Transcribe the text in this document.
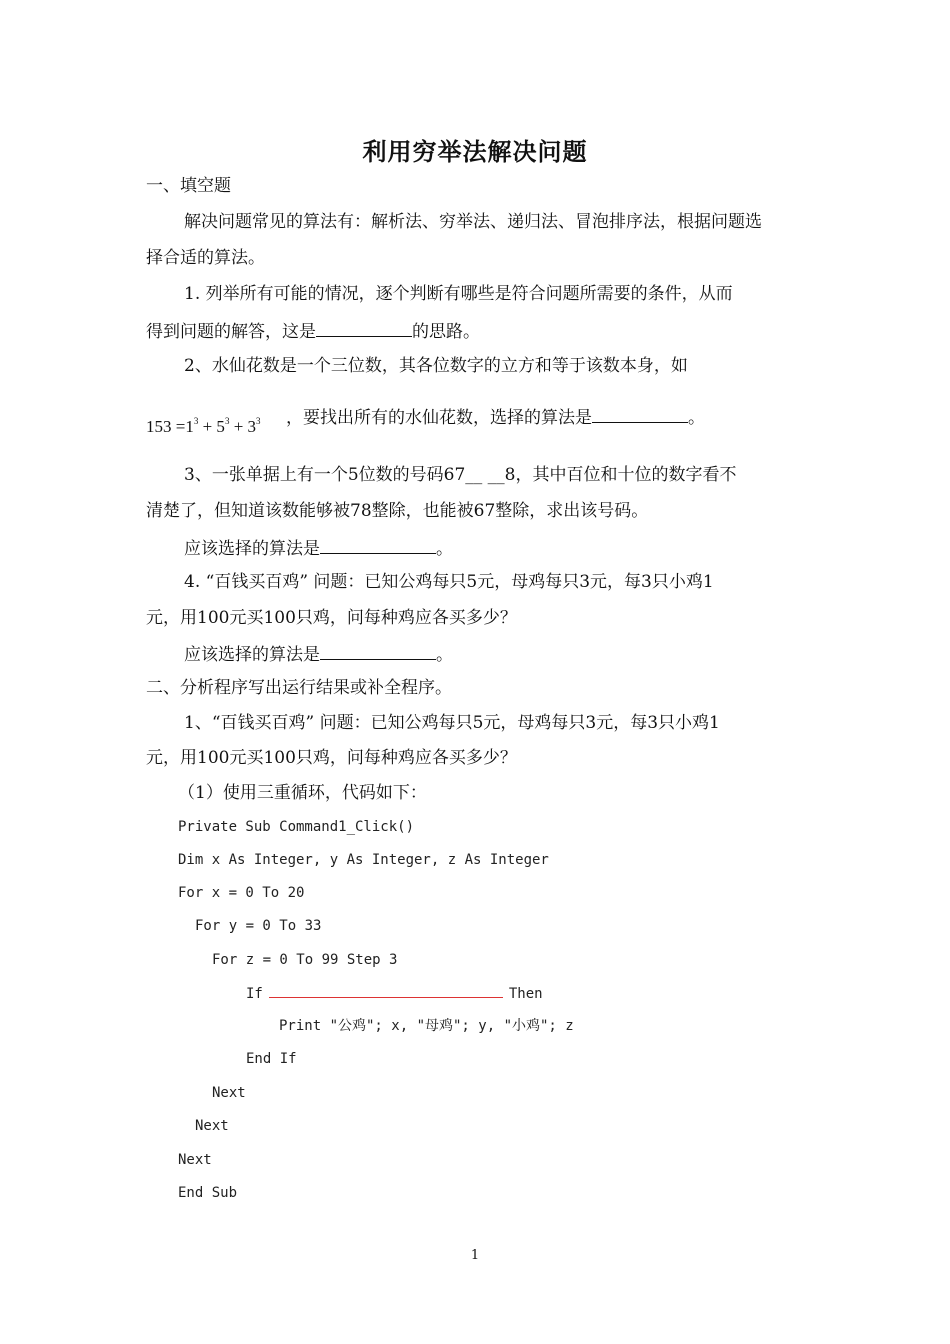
利用穷举法解决问题
一、填空题
解决问题常见的算法有：解析法、穷举法、递归法、冒泡排序法，根据问题选
择合适的算法。
1. 列举所有可能的情况，逐个判断有哪些是符合问题所需要的条件，从而
得到问题的解答，这是	的思路。
2、水仙花数是一个三位数，其各位数字的立方和等于该数本身，如
$153 =1^3 + 5^3 + 3^3$ ，要找出所有的水仙花数，选择的算法是	。
3、一张单据上有一个5位数的号码67__ __8，其中百位和十位的数字看不
清楚了，但知道该数能够被78整除，也能被67整除，求出该号码。
应该选择的算法是	。
4. “百钱买百鸡” 问题：已知公鸡每只5元，母鸡每只3元，每3只小鸡1
元，用100元买100只鸡，问每种鸡应各买多少？
应该选择的算法是	。
二、分析程序写出运行结果或补全程序。
1、“百钱买百鸡” 问题：已知公鸡每只5元，母鸡每只3元，每3只小鸡1
元，用100元买100只鸡，问每种鸡应各买多少？
（1）使用三重循环，代码如下：
Private Sub Command1_Click()
Dim x As Integer, y As Integer, z As Integer
For x = 0 To 20
For y = 0 To 33
For z = 0 To 99 Step 3
If	Then
Print "公鸡"; x, "母鸡"; y, "小鸡"; z
End If
Next
Next
Next
End Sub
1
